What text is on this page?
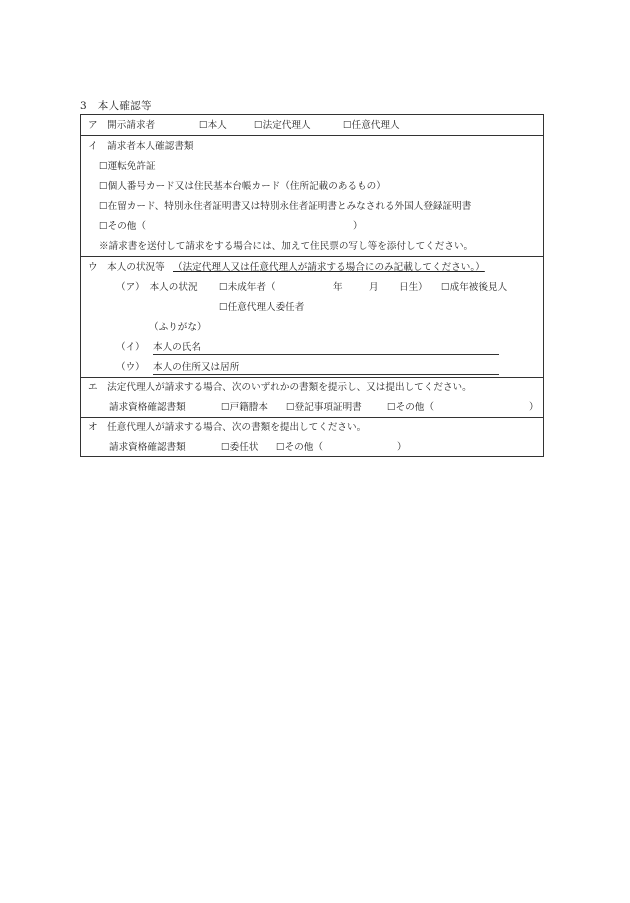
3　本人確認等
ア　開示請求者	☐本人	☐法定代理人	☐任意代理人
イ　請求者本人確認書類
☐運転免許証
☐個人番号カード又は住民基本台帳カード（住所記載のあるもの）
☐在留カード、特別永住者証明書又は特別永住者証明書とみなされる外国人登録証明書
☐その他（	）
※請求書を送付して請求をする場合には、加えて住民票の写し等を添付してください。
ウ　本人の状況等 （法定代理人又は任意代理人が請求する場合にのみ記載してください。）
（ア）　本人の状況 ☐未成年者（	年	月 日生） ☐成年被後見人
☐任意代理人委任者
（ふりがな）
（イ） 本人の氏名
（ウ） 本人の住所又は居所
エ　法定代理人が請求する場合、次のいずれかの書類を提示し、又は提出してください。
請求資格確認書類	☐戸籍謄本 ☐登記事項証明書	☐その他（	）
オ　任意代理人が請求する場合、次の書類を提出してください。
請求資格確認書類	☐委任状 ☐その他（	）
